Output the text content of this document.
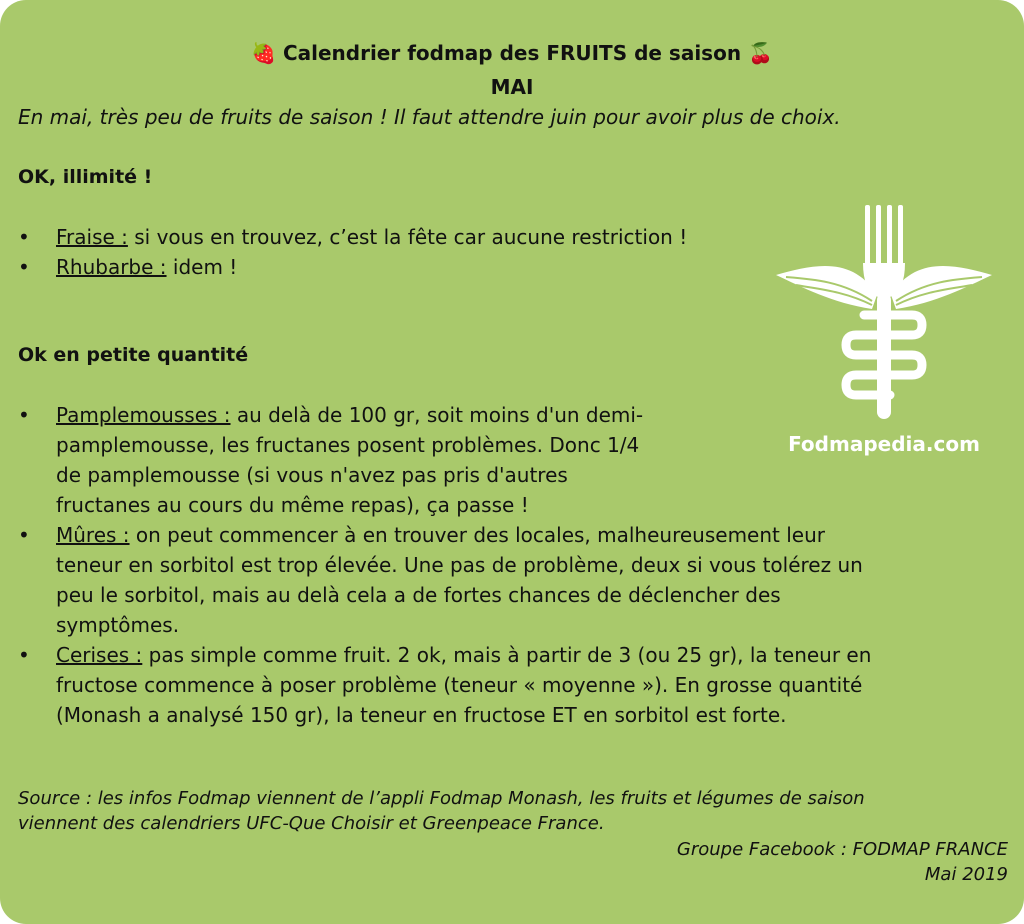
🍓 Calendrier fodmap des FRUITS de saison 🍒
MAI
En mai, très peu de fruits de saison ! Il faut attendre juin pour avoir plus de choix.
OK, illimité !
• Fraise : si vous en trouvez, c’est la fête car aucune restriction !
• Rhubarbe : idem !
Ok en petite quantité
• Pamplemousses : au delà de 100 gr, soit moins d'un demi-
pamplemousse, les fructanes posent problèmes. Donc 1/4
de pamplemousse (si vous n'avez pas pris d'autres
fructanes au cours du même repas), ça passe !
• Mûres : on peut commencer à en trouver des locales, malheureusement leur
teneur en sorbitol est trop élevée. Une pas de problème, deux si vous tolérez un
peu le sorbitol, mais au delà cela a de fortes chances de déclencher des
symptômes.
• Cerises : pas simple comme fruit. 2 ok, mais à partir de 3 (ou 25 gr), la teneur en
fructose commence à poser problème (teneur « moyenne »). En grosse quantité
(Monash a analysé 150 gr), la teneur en fructose ET en sorbitol est forte.
Fodmapedia.com
Source : les infos Fodmap viennent de l’appli Fodmap Monash, les fruits et légumes de saison
viennent des calendriers UFC-Que Choisir et Greenpeace France.
Groupe Facebook : FODMAP FRANCE
Mai 2019
